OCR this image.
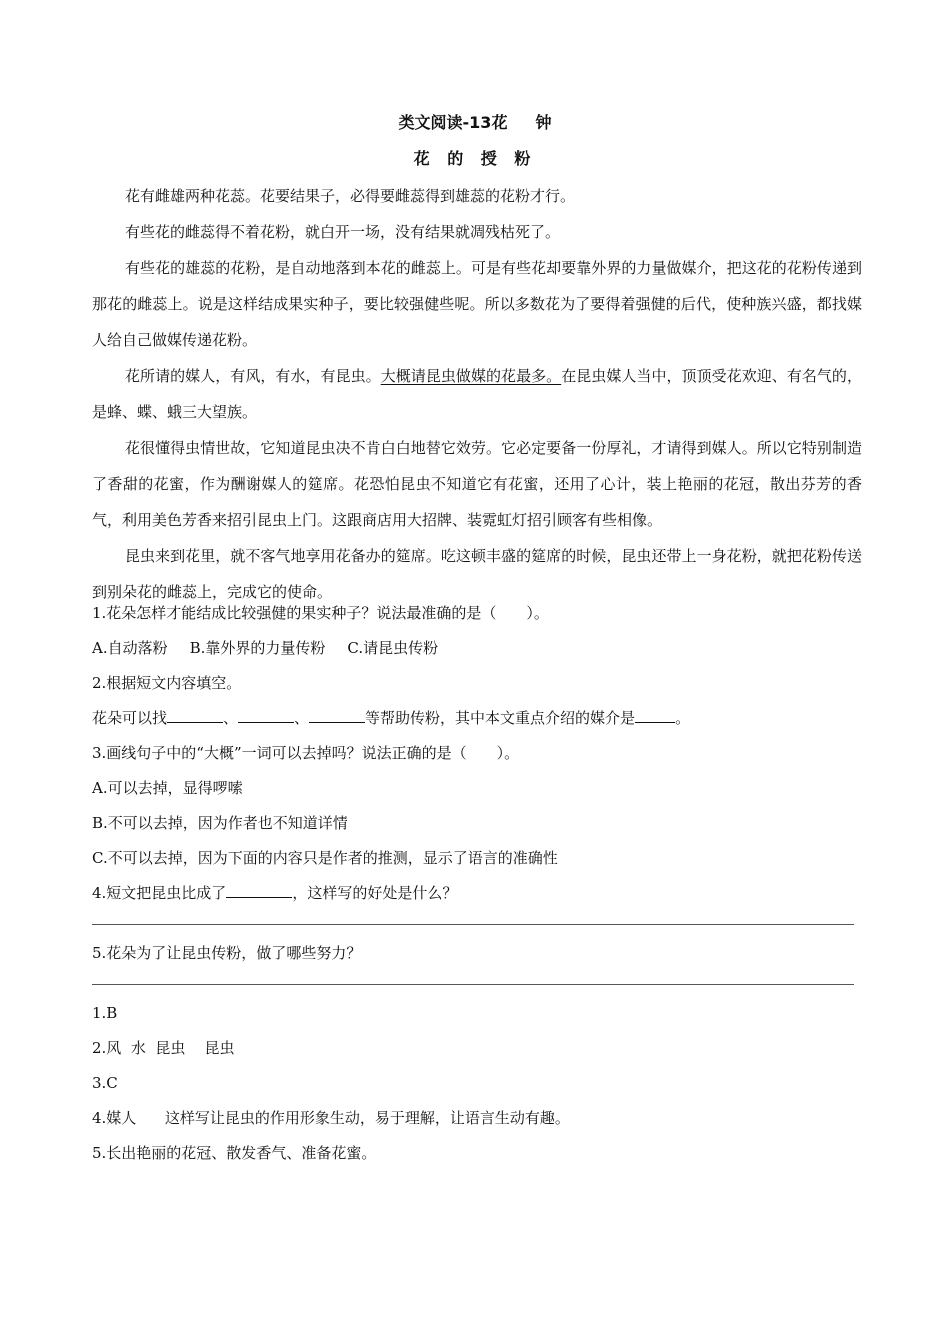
类文阅读-13花 钟
花 的 授 粉

花有雌雄两种花蕊。花要结果子，必得要雌蕊得到雄蕊的花粉才行。

有些花的雌蕊得不着花粉，就白开一场，没有结果就凋残枯死了。

有些花的雄蕊的花粉，是自动地落到本花的雌蕊上。可是有些花却要靠外界的力量做媒介，把这花的花粉传递到那花的雌蕊上。说是这样结成果实种子，要比较强健些呢。所以多数花为了要得着强健的后代，使种族兴盛，都找媒人给自己做媒传递花粉。

花所请的媒人，有风，有水，有昆虫。大概请昆虫做媒的花最多。在昆虫媒人当中，顶顶受花欢迎、有名气的，是蜂、蝶、蛾三大望族。

花很懂得虫情世故，它知道昆虫决不肯白白地替它效劳。它必定要备一份厚礼，才请得到媒人。所以它特别制造了香甜的花蜜，作为酬谢媒人的筵席。花恐怕昆虫不知道它有花蜜，还用了心计，装上艳丽的花冠，散出芬芳的香气，利用美色芳香来招引昆虫上门。这跟商店用大招牌、装霓虹灯招引顾客有些相像。

昆虫来到花里，就不客气地享用花备办的筵席。吃这顿丰盛的筵席的时候，昆虫还带上一身花粉，就把花粉传送到别朵花的雌蕊上，完成它的使命。

1.花朵怎样才能结成比较强健的果实种子？说法最准确的是（　　）。
A.自动落粉 B.靠外界的力量传粉 C.请昆虫传粉
2.根据短文内容填空。
花朵可以找	、	、	等帮助传粉，其中本文重点介绍的媒介是	。
3.画线句子中的“大概”一词可以去掉吗？说法正确的是（　　）。
A.可以去掉，显得啰嗦
B.不可以去掉，因为作者也不知道详情
C.不可以去掉，因为下面的内容只是作者的推测，显示了语言的准确性
4.短文把昆虫比成了	，这样写的好处是什么？
5.花朵为了让昆虫传粉，做了哪些努力？
1.B
2.风  水  昆虫    昆虫
3.C
4.媒人      这样写让昆虫的作用形象生动，易于理解，让语言生动有趣。
5.长出艳丽的花冠、散发香气、准备花蜜。
